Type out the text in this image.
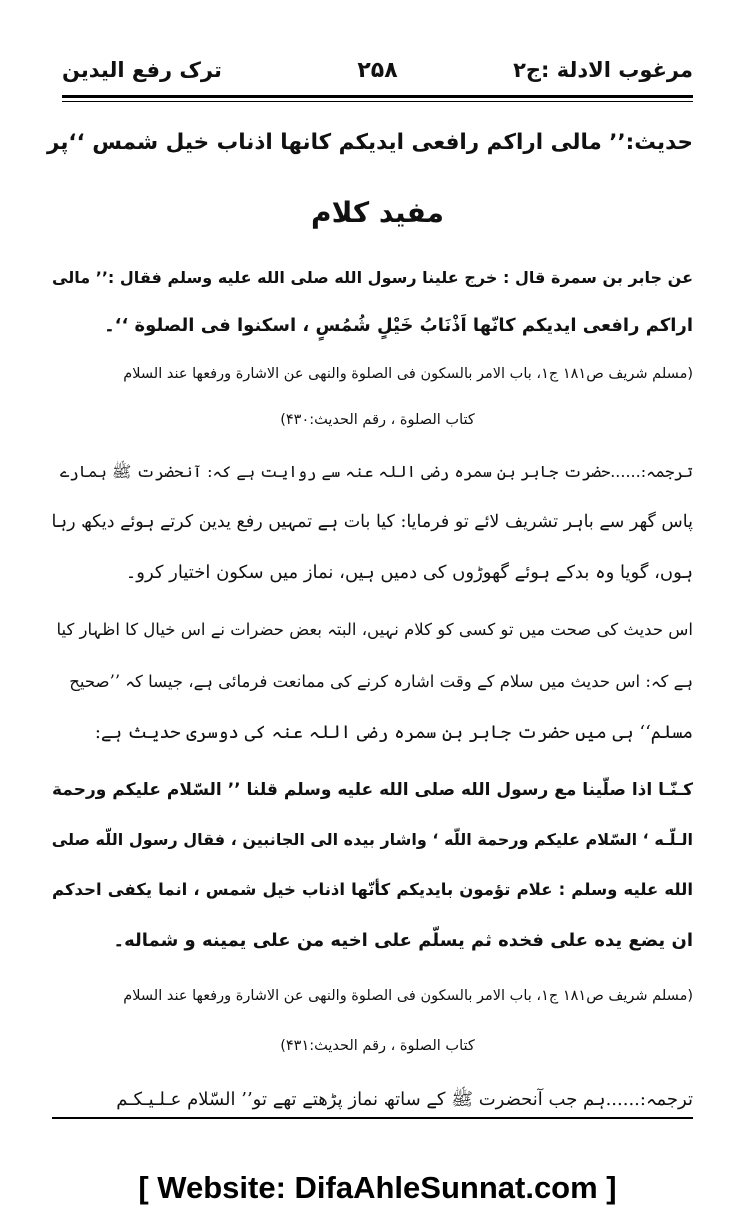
مرغوب الادلة :ج۲
۲۵۸
ترک رفع الیدین
حدیث:’’ مالی اراکم رافعی ایدیکم کانها اذناب خیل شمس ‘‘پر
مفید کلام
عن جابر بن سمرة قال : خرج علينا رسول الله صلى الله عليه وسلم فقال :’’ مالی
اراكم رافعی ايديكم كانّها اَذْنَابُ خَيْلٍ شُمُسٍ ، اسكنوا فی الصلوة ‘‘۔
(مسلم شریف ص۱۸۱ ج۱، باب الامر بالسکون فی الصلوة والنهی عن الاشارة ورفعها عند السلام
کتاب الصلوة ، رقم الحدیث:۴۳۰)
ترجمہ:......حضرت جابر بن سمرہ رضی اللہ عنہ سے روایت ہے کہ: آنحضرت ﷺ ہمارے
پاس گھر سے باہر تشریف لائے تو فرمایا: کیا بات ہے تمہیں رفع یدین کرتے ہوئے دیکھ رہا
ہوں، گویا وہ بدکے ہوئے گھوڑوں کی دمیں ہیں، نماز میں سکون اختیار کرو۔
اس حدیث کی صحت میں تو کسی کو کلام نہیں، البتہ بعض حضرات نے اس خیال کا اظہار کیا
ہے کہ: اس حدیث میں سلام کے وقت اشارہ کرنے کی ممانعت فرمائی ہے، جیسا کہ ’’صحیح
مسلم‘‘ ہی میں حضرت جابر بن سمرہ رضی اللہ عنہ کی دوسری حدیث ہے:
كـنّـا اذا صلّينا مع رسول الله صلى الله عليه وسلم قلنا ’’ السّلام عليكم ورحمة
الـلّـه ‘ السّلام عليكم ورحمة اللّه ‘ واشار بيده الى الجانبين ، فقال رسول اللّه صلى
الله عليه وسلم : علام تؤمون بايديكم كأنّها اذناب خيل شمس ، انما يكفى احدكم
ان يضع يده على فخده ثم يسلّم على اخيه من على يمينه و شماله۔
(مسلم شریف ص۱۸۱ ج۱، باب الامر بالسکون فی الصلوة والنهی عن الاشارة ورفعها عند السلام
کتاب الصلوة ، رقم الحدیث:۴۳۱)
ترجمہ:......ہم جب آنحضرت ﷺ کے ساتھ نماز پڑھتے تھے تو’’ السّلام عـلـیـکـم
[ Website: DifaAhleSunnat.com ]
